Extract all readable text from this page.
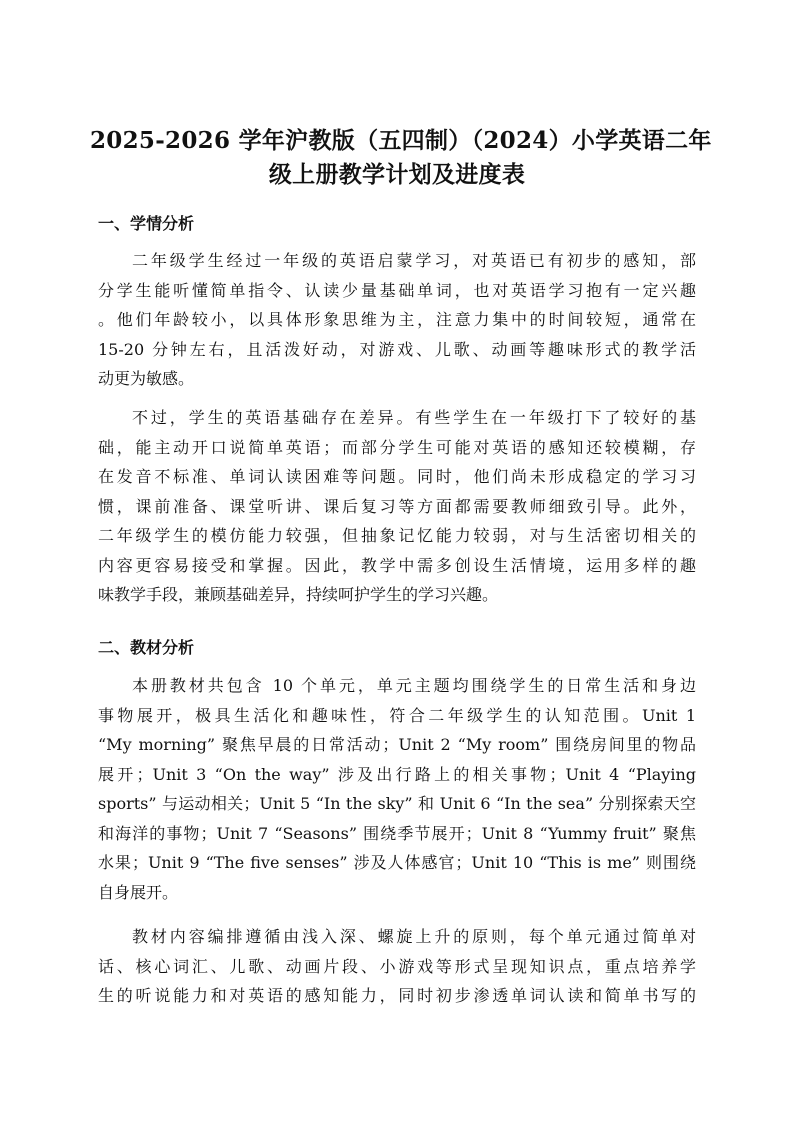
2025-2026 学年沪教版（五四制）（2024）小学英语二年
级上册教学计划及进度表
一、学情分析
二年级学生经过一年级的英语启蒙学习，对英语已有初步的感知，部
分学生能听懂简单指令、认读少量基础单词，也对英语学习抱有一定兴趣
。他们年龄较小，以具体形象思维为主，注意力集中的时间较短，通常在
15-20 分钟左右，且活泼好动，对游戏、儿歌、动画等趣味形式的教学活
动更为敏感。
不过，学生的英语基础存在差异。有些学生在一年级打下了较好的基
础，能主动开口说简单英语；而部分学生可能对英语的感知还较模糊，存
在发音不标准、单词认读困难等问题。同时，他们尚未形成稳定的学习习
惯，课前准备、课堂听讲、课后复习等方面都需要教师细致引导。此外，
二年级学生的模仿能力较强，但抽象记忆能力较弱，对与生活密切相关的
内容更容易接受和掌握。因此，教学中需多创设生活情境，运用多样的趣
味教学手段，兼顾基础差异，持续呵护学生的学习兴趣。
二、教材分析
本册教材共包含 10 个单元，单元主题均围绕学生的日常生活和身边
事物展开，极具生活化和趣味性，符合二年级学生的认知范围。Unit 1
“My morning” 聚焦早晨的日常活动；Unit 2 “My room” 围绕房间里的物品
展开；Unit 3 “On the way” 涉及出行路上的相关事物；Unit 4 “Playing
sports” 与运动相关；Unit 5 “In the sky” 和 Unit 6 “In the sea” 分别探索天空
和海洋的事物；Unit 7 “Seasons” 围绕季节展开；Unit 8 “Yummy fruit” 聚焦
水果；Unit 9 “The five senses” 涉及人体感官；Unit 10 “This is me” 则围绕
自身展开。
教材内容编排遵循由浅入深、螺旋上升的原则，每个单元通过简单对
话、核心词汇、儿歌、动画片段、小游戏等形式呈现知识点，重点培养学
生的听说能力和对英语的感知能力，同时初步渗透单词认读和简单书写的
